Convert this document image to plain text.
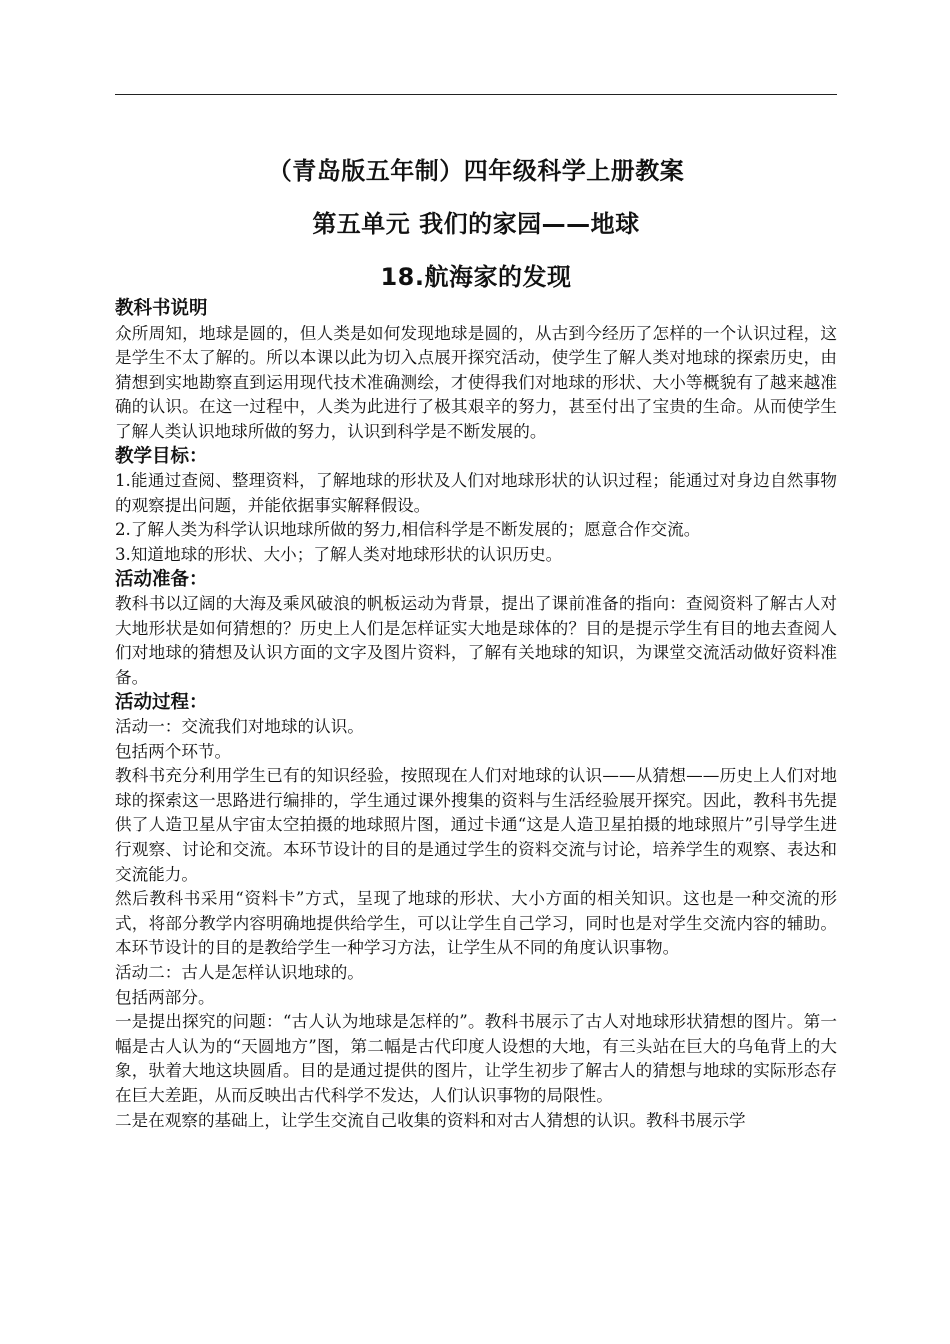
（青岛版五年制）四年级科学上册教案
第五单元 我们的家园——地球
18.航海家的发现
教科书说明

众所周知，地球是圆的，但人类是如何发现地球是圆的，从古到今经历了怎样的一个认识过程，这是学生不太了解的。所以本课以此为切入点展开探究活动，使学生了解人类对地球的探索历史，由猜想到实地勘察直到运用现代技术准确测绘，才使得我们对地球的形状、大小等概貌有了越来越准确的认识。在这一过程中，人类为此进行了极其艰辛的努力，甚至付出了宝贵的生命。从而使学生了解人类认识地球所做的努力，认识到科学是不断发展的。

教学目标：

1.能通过查阅、整理资料，了解地球的形状及人们对地球形状的认识过程；能通过对身边自然事物的观察提出问题，并能依据事实解释假设。

2.了解人类为科学认识地球所做的努力,相信科学是不断发展的；愿意合作交流。

3.知道地球的形状、大小；了解人类对地球形状的认识历史。

活动准备：

教科书以辽阔的大海及乘风破浪的帆板运动为背景，提出了课前准备的指向：查阅资料了解古人对大地形状是如何猜想的？历史上人们是怎样证实大地是球体的？目的是提示学生有目的地去查阅人们对地球的猜想及认识方面的文字及图片资料，了解有关地球的知识，为课堂交流活动做好资料准备。

活动过程：

活动一：交流我们对地球的认识。

包括两个环节。

教科书充分利用学生已有的知识经验，按照现在人们对地球的认识——从猜想——历史上人们对地球的探索这一思路进行编排的，学生通过课外搜集的资料与生活经验展开探究。因此，教科书先提供了人造卫星从宇宙太空拍摄的地球照片图，通过卡通“这是人造卫星拍摄的地球照片”引导学生进行观察、讨论和交流。本环节设计的目的是通过学生的资料交流与讨论，培养学生的观察、表达和交流能力。

然后教科书采用“资料卡”方式，呈现了地球的形状、大小方面的相关知识。这也是一种交流的形式，将部分教学内容明确地提供给学生，可以让学生自己学习，同时也是对学生交流内容的辅助。本环节设计的目的是教给学生一种学习方法，让学生从不同的角度认识事物。

活动二：古人是怎样认识地球的。

包括两部分。

一是提出探究的问题：“古人认为地球是怎样的”。教科书展示了古人对地球形状猜想的图片。第一幅是古人认为的“天圆地方”图，第二幅是古代印度人设想的大地，有三头站在巨大的乌龟背上的大象，驮着大地这块圆盾。目的是通过提供的图片，让学生初步了解古人的猜想与地球的实际形态存在巨大差距，从而反映出古代科学不发达，人们认识事物的局限性。

二是在观察的基础上，让学生交流自己收集的资料和对古人猜想的认识。教科书展示学
